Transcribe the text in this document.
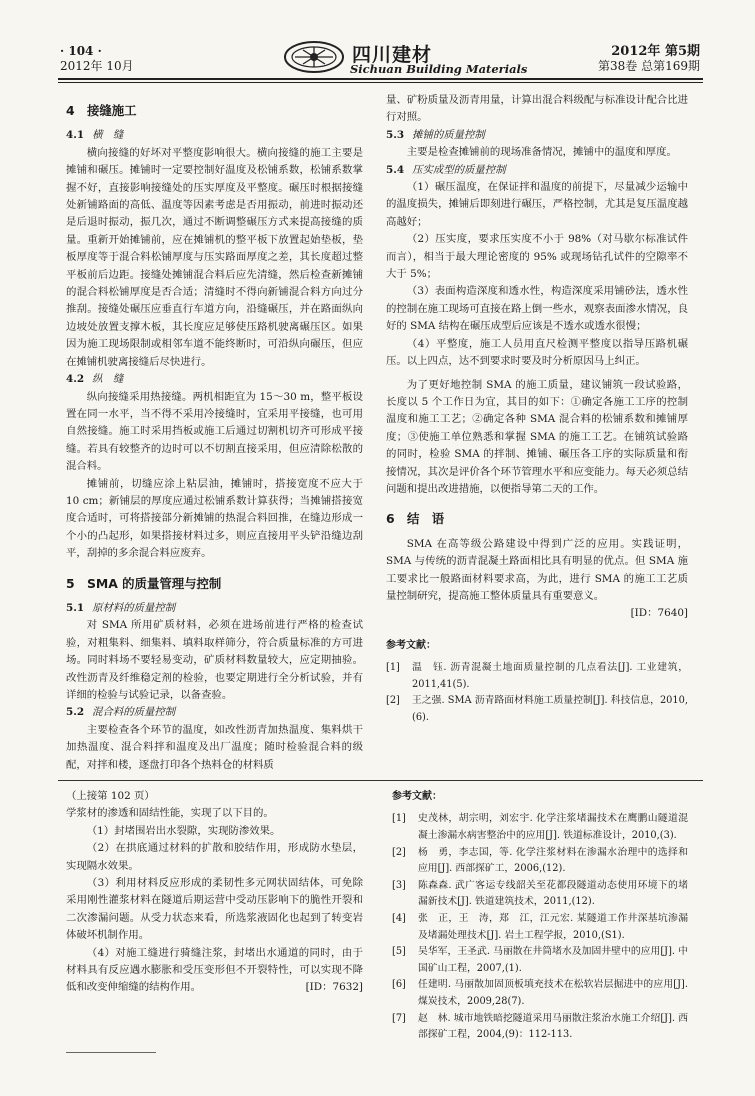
· 104 ·
2012年 10月	四川建材
Sichuan Building Materials
2012年 第5期
第38卷 总第169期
4　接缝施工
4.1 横　缝

横向接缝的好坏对平整度影响很大。横向接缝的施工主要是摊铺和碾压。摊铺时一定要控制好温度及松铺系数，松铺系数掌握不好，直接影响接缝处的压实厚度及平整度。碾压时根据接缝处新铺路面的高低、温度等因素考虑是否用振动，前进时振动还是后退时振动，振几次，通过不断调整碾压方式来提高接缝的质量。重新开始摊铺前，应在摊铺机的整平板下放置起始垫板，垫板厚度等于混合料松铺厚度与压实路面厚度之差，其长度超过整平板前后边距。接缝处摊铺混合料后应先清缝，然后检查新摊铺的混合料松铺厚度是否合适；清缝时不得向新铺混合料方向过分推刮。接缝处碾压应垂直行车道方向，沿缝碾压，并在路面纵向边坡处放置支撑木板，其长度应足够使压路机驶离碾压区。如果因为施工现场限制或相邻车道不能终断时，可沿纵向碾压，但应在摊铺机驶离接缝后尽快进行。

4.2 纵　缝

纵向接缝采用热接缝。两机相距宜为 15～30 m，整平板设置在同一水平，当不得不采用冷接缝时，宜采用平接缝，也可用自然接缝。施工时采用挡板或施工后通过切割机切齐可形成平接缝。若具有较整齐的边时可以不切割直接采用，但应清除松散的混合料。

摊铺前，切缝应涂上粘层油，摊铺时，搭接宽度不应大于 10 cm；新铺层的厚度应通过松铺系数计算获得；当摊铺搭接宽度合适时，可将搭接部分新摊铺的热混合料回推，在缝边形成一个小的凸起形，如果搭接材料过多，则应直接用平头铲沿缝边刮平，刮掉的多余混合料应废弃。

5　SMA 的质量管理与控制
5.1 原材料的质量控制

对 SMA 所用矿质材料，必须在进场前进行严格的检查试验，对粗集料、细集料、填料取样筛分，符合质量标准的方可进场。同时料场不要轻易变动，矿质材料数量较大，应定期抽验。改性沥青及纤维稳定剂的检验，也要定期进行全分析试验，并有详细的检验与试验记录，以备查验。

5.2 混合料的质量控制

主要检查各个环节的温度，如改性沥青加热温度、集料烘干加热温度、混合料拌和温度及出厂温度；随时检验混合料的级配，对拌和楼，逐盘打印各个热料仓的材料质

量、矿粉质量及沥青用量，计算出混合料级配与标准设计配合比进行对照。

5.3 摊铺的质量控制

主要是检查摊铺前的现场准备情况，摊铺中的温度和厚度。

5.4 压实成型的质量控制

（1）碾压温度，在保证拌和温度的前提下，尽量减少运输中的温度损失，摊铺后即刻进行碾压，严格控制，尤其是复压温度越高越好；

（2）压实度，要求压实度不小于 98%（对马歇尔标准试件而言），相当于最大理论密度的 95% 或现场钻孔试件的空隙率不大于 5%；

（3）表面构造深度和透水性，构造深度采用铺砂法，透水性的控制在施工现场可直接在路上倒一些水，观察表面渗水情况，良好的 SMA 结构在碾压成型后应该是不透水或透水很慢；

（4）平整度，施工人员用直尺检测平整度以指导压路机碾压。以上四点，达不到要求时要及时分析原因马上纠正。

为了更好地控制 SMA 的施工质量，建议铺筑一段试验路，长度以 5 个工作日为宜，其目的如下：①确定各施工工序的控制温度和施工工艺；②确定各种 SMA 混合料的松铺系数和摊铺厚度；③使施工单位熟悉和掌握 SMA 的施工工艺。在铺筑试验路的同时，检验 SMA 的拌制、摊铺、碾压各工序的实际质量和衔接情况，其次是评价各个环节管理水平和应变能力。每天必须总结问题和提出改进措施，以便指导第二天的工作。

6　结　语

SMA 在高等级公路建设中得到广泛的应用。实践证明，SMA 与传统的沥青混凝土路面相比具有明显的优点。但 SMA 施工要求比一般路面材料要求高，为此，进行 SMA 的施工工艺质量控制研究，提高施工整体质量具有重要意义。

[ID：7640]
参考文献：
[1]	温　钰. 沥青混凝土地面质量控制的几点看法[J]. 工业建筑，2011,41(5).
[2]	王之强. SMA 沥青路面材料施工质量控制[J]. 科技信息，2010,(6).
（上接第 102 页）

学浆材的渗透和固结性能，实现了以下目的。

（1）封堵围岩出水裂隙，实现防渗效果。

（2）在拱底通过材料的扩散和胶结作用，形成防水垫层，实现隔水效果。

（3）利用材料反应形成的柔韧性多元网状固结体，可免除采用刚性灌浆材料在隧道后期运营中受动压影响下的脆性开裂和二次渗漏问题。从受力状态来看，所选浆液固化也起到了转变岩体破坏机制作用。

（4）对施工缝进行骑缝注浆，封堵出水通道的同时，由于材料具有反应遇水膨胀和受压变形但不开裂特性，可以实现不降低和改变伸缩缝的结构作用。	[ID：7632]

参考文献：
[1]	史茂林，胡宗明，刘宏宇. 化学注浆堵漏技术在鹰鹏山隧道混凝土渗漏水病害整治中的应用[J]. 铁道标准设计，2010,(3).
[2]	杨　勇，李志国，等. 化学注浆材料在渗漏水治理中的选择和应用[J]. 西部探矿工，2006,(12).
[3]	陈森森. 武广客运专线韶关至花都段隧道动态使用环境下的堵漏新技术[J]. 铁道建筑技术，2011,(12).
[4]	张　正，王　涛，郑　江，江元宏. 某隧道工作井深基坑渗漏及堵漏处理技术[J]. 岩土工程学报，2010,(S1).
[5]	吴华军，王圣武. 马丽散在井筒堵水及加固井壁中的应用[J]. 中国矿山工程，2007,(1).
[6]	任建明. 马丽散加固顶板填充技术在松软岩层掘进中的应用[J]. 煤炭技术，2009,28(7).
[7]	赵　林. 城市地铁暗挖隧道采用马丽散注浆治水施工介绍[J]. 西部探矿工程，2004,(9)：112-113.
